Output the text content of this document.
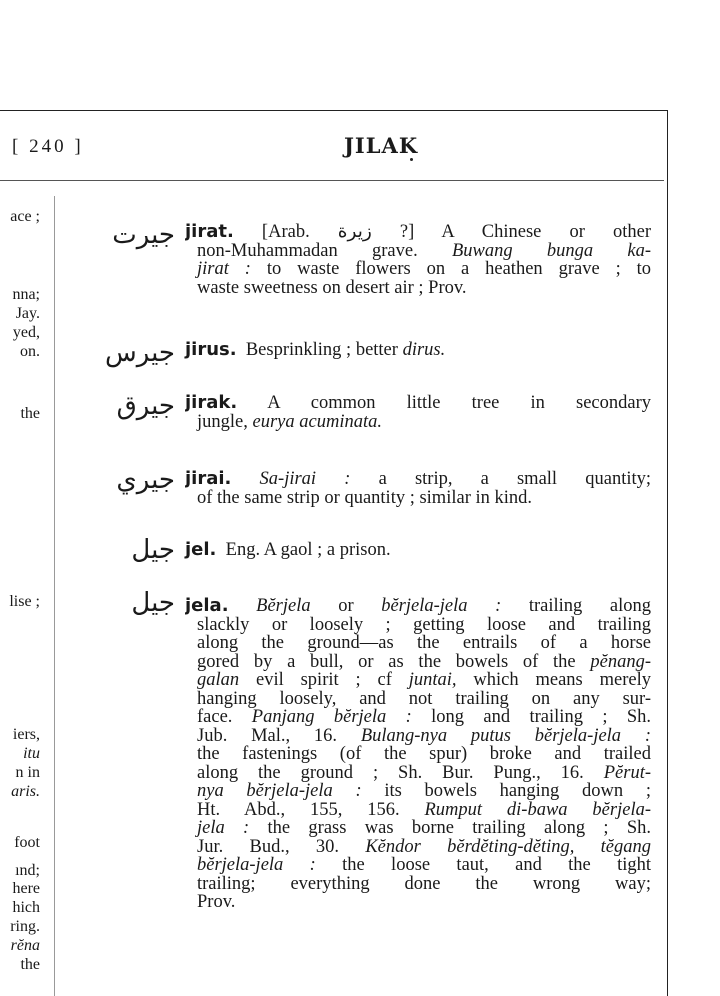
[ 240 ]	JILAK
ace ;
nna;
Jay.
yed,
on.
the
lise ;
iers,
itu
n in
aris.
foot
ınd;
here
hich
ring.
rĕna
the
جيرت jirat. [Arab. زيرة ?] A Chinese or other
non-Muhammadan grave. Buwang bunga ka-
jirat : to waste flowers on a heathen grave ; to
waste sweetness on desert air ; Prov.
جيرس jirus. Besprinkling ; better dirus.
جيرق jirak. A common little tree in secondary
jungle, eurya acuminata.
جيري jirai. Sa-jirai : a strip, a small quantity;
of the same strip or quantity ; similar in kind.
جيل jel. Eng. A gaol ; a prison.
جيل jela. Bĕrjela or bĕrjela-jela : trailing along
slackly or loosely ; getting loose and trailing
along the ground—as the entrails of a horse
gored by a bull, or as the bowels of the pĕnang-
galan evil spirit ; cf juntai, which means merely
hanging loosely, and not trailing on any sur-
face. Panjang bĕrjela : long and trailing ; Sh.
Jub. Mal., 16. Bulang-nya putus bĕrjela-jela :
the fastenings (of the spur) broke and trailed
along the ground ; Sh. Bur. Pung., 16. Pĕrut-
nya bĕrjela-jela : its bowels hanging down ;
Ht. Abd., 155, 156. Rumput di-bawa bĕrjela-
jela : the grass was borne trailing along ; Sh.
Jur. Bud., 30. Kĕndor bĕrdĕting-dĕting, tĕgang
bĕrjela-jela : the loose taut, and the tight
trailing; everything done the wrong way;
Prov.
